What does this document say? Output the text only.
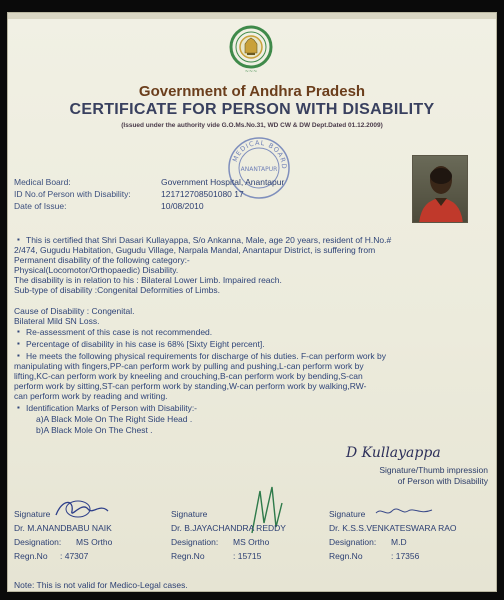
~~~
Government of Andhra Pradesh
CERTIFICATE FOR PERSON WITH DISABILITY
(Issued under the authority vide G.O.Ms.No.31, WD CW & DW Dept.Dated 01.12.2009)
MEDICAL BOARD
ANANTAPUR
Medical Board:	Government Hospital, Anantapur
ID No.of Person with Disability:	121712708501080 17
Date of Issue:	10/08/2010
▪ This is certified that Shri Dasari Kullayappa, S/o Ankanna, Male, age 20 years, resident of H.No.#
2/474, Gugudu Habitation, Gugudu Village, Narpala Mandal, Anantapur District, is suffering from
Permanent disability of the following category:-
Physical(Locomotor/Orthopaedic) Disability.
The disability is in relation to his : Bilateral Lower Limb. Impaired reach.
Sub-type of disability :Congenital Deformities of Limbs.
Cause of Disability : Congenital.
Bilateral Mild SN Loss.
▪ Re-assessment of this case is not recommended.
▪ Percentage of disability in his case is 68% [Sixty Eight percent].
▪ He meets the following physical requirements for discharge of his duties. F-can perform work by
manipulating with fingers,PP-can perform work by pulling and pushing,L-can perform work by
lifting,KC-can perform work by kneeling and crouching,B-can perform work by bending,S-can
perform work by sitting,ST-can perform work by standing,W-can perform work by walking,RW-
can perform work by reading and writing.
▪ Identification Marks of Person with Disability:-
a)A Black Mole On The Right Side Head .
b)A Black Mole On The Chest .
D Kullayappa
Signature/Thumb impression
of Person with Disability
Signature
Dr. M.ANANDBABU NAIK
Designation: MS Ortho
Regn.No : 47307
Signature
Dr. B.JAYACHANDRA REDDY
Designation: MS Ortho
Regn.No	: 15715
Signature
Dr. K.S.S.VENKATESWARA RAO
Designation: M.D
Regn.No	: 17356
Note: This is not valid for Medico-Legal cases.
